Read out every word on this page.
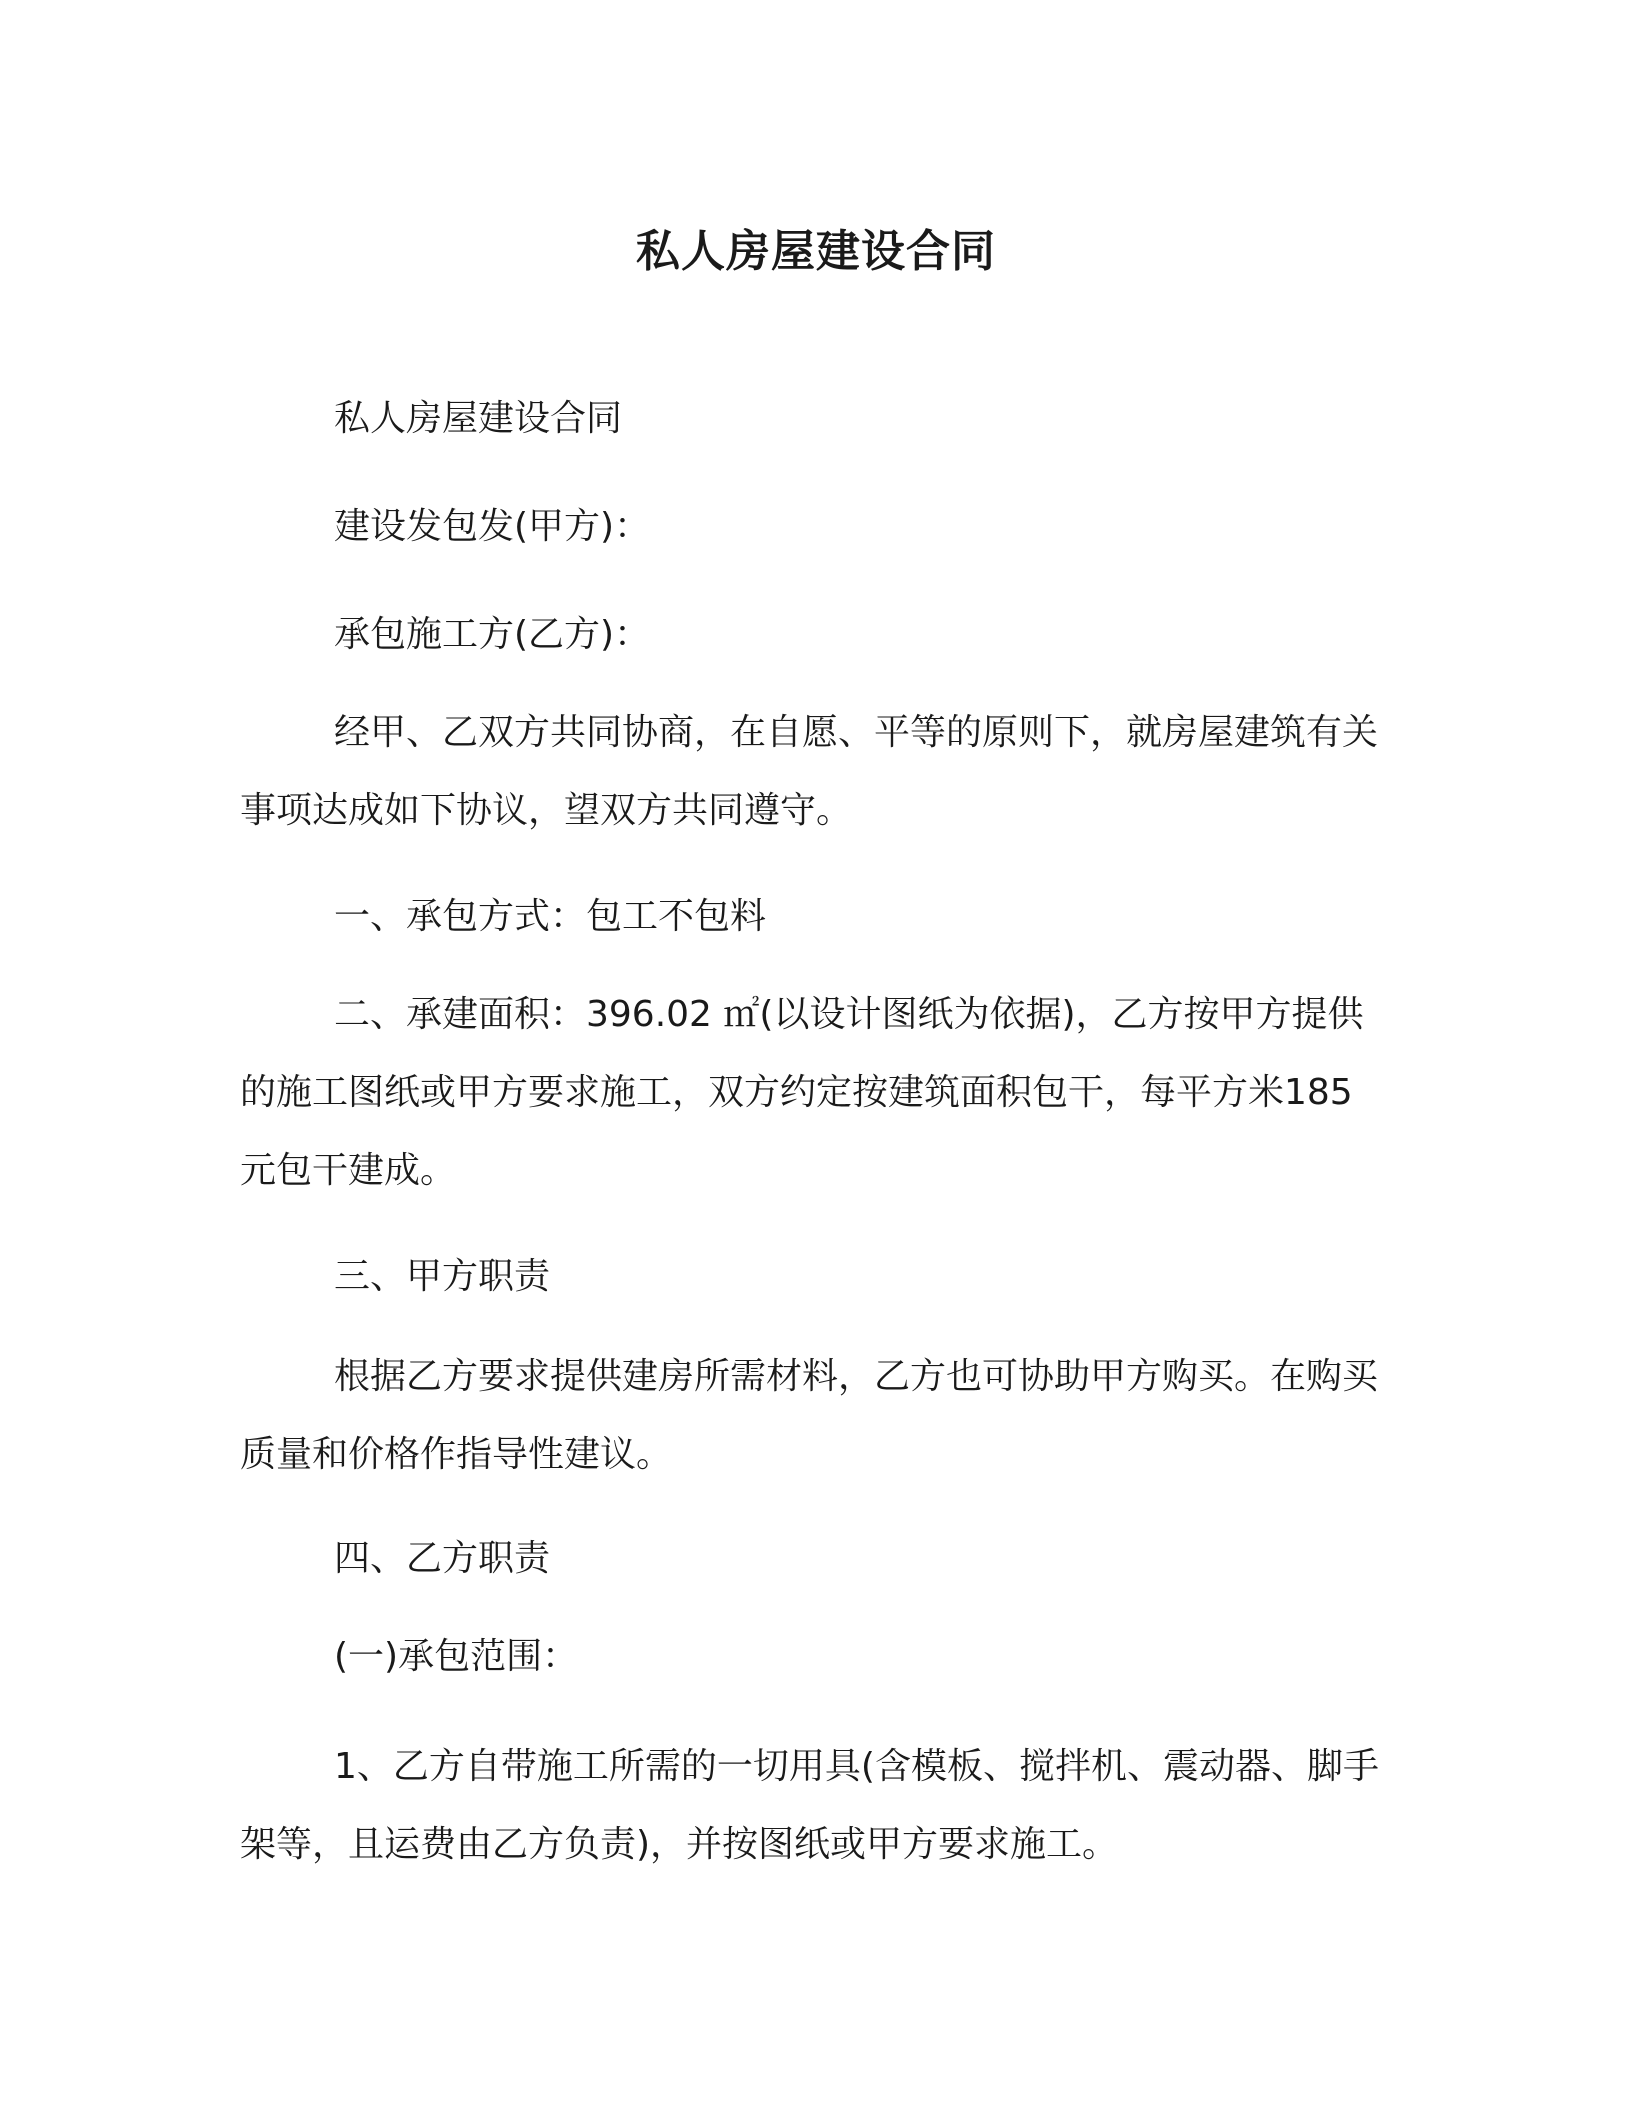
私人房屋建设合同

私人房屋建设合同

建设发包发(甲方)：

承包施工方(乙方)：

经甲、乙双方共同协商，在自愿、平等的原则下，就房屋建筑有关事项达成如下协议，望双方共同遵守。

一、承包方式：包工不包料

二、承建面积：396.02 ㎡(以设计图纸为依据)，乙方按甲方提供的施工图纸或甲方要求施工，双方约定按建筑面积包干，每平方米185 元包干建成。

三、甲方职责

根据乙方要求提供建房所需材料，乙方也可协助甲方购买。在购买质量和价格作指导性建议。

四、乙方职责

(一)承包范围：

1、乙方自带施工所需的一切用具(含模板、搅拌机、震动器、脚手架等，且运费由乙方负责)，并按图纸或甲方要求施工。
